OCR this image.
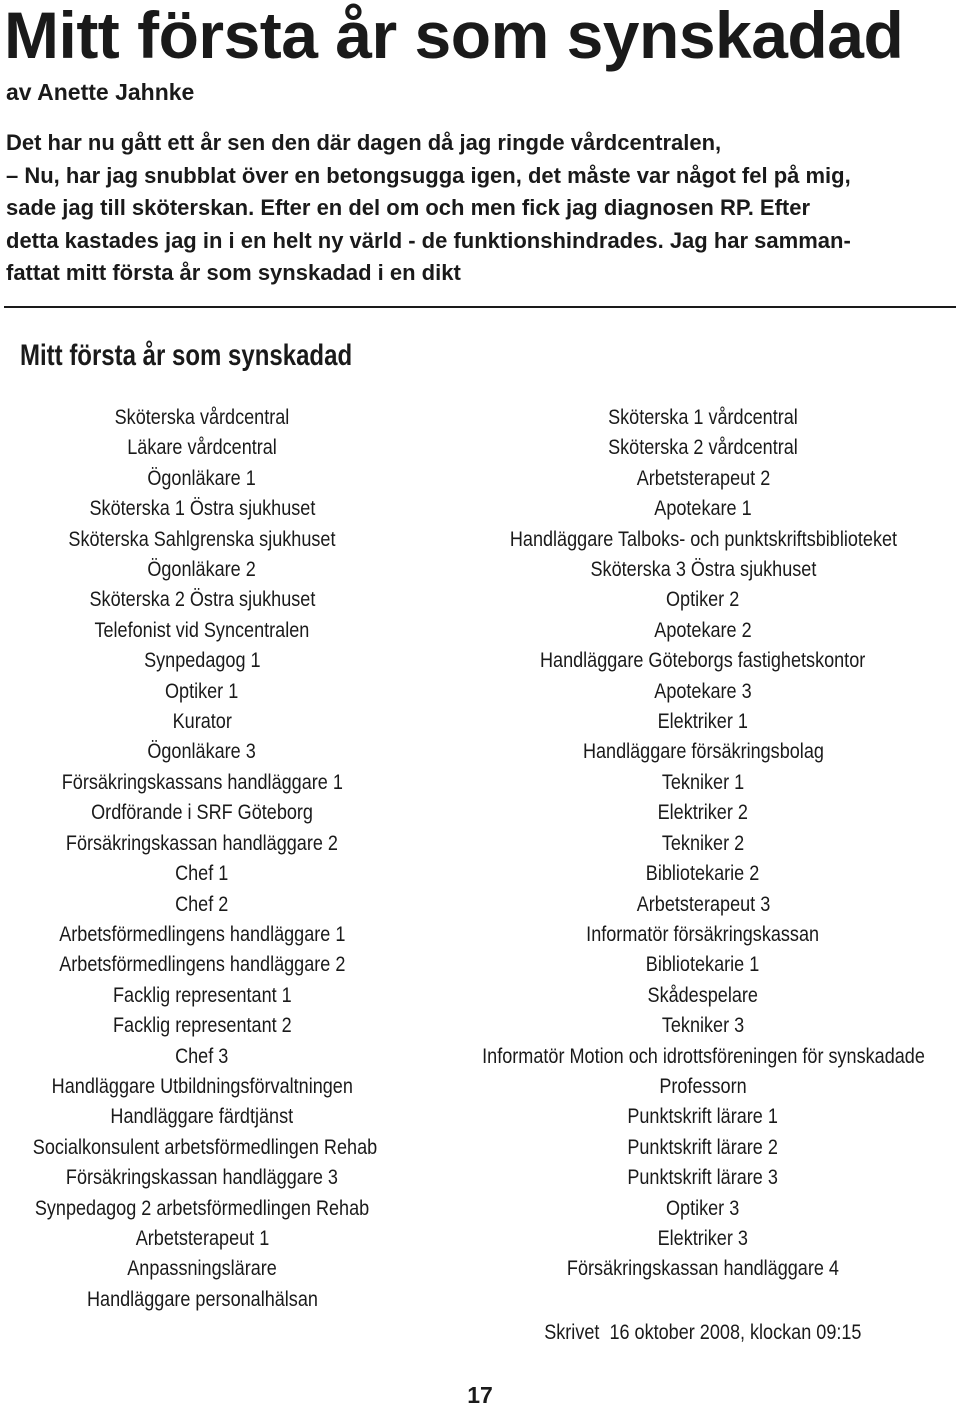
Mitt första år som synskadad
av Anette Jahnke

Det har nu gått ett år sen den där dagen då jag ringde vårdcentralen,
– Nu, har jag snubblat över en betongsugga igen, det måste var något fel på mig,
sade jag till sköterskan. Efter en del om och men fick jag diagnosen RP. Efter
detta kastades jag in i en helt ny värld - de funktionshindrades. Jag har samman-
fattat mitt första år som synskadad i en dikt

Mitt första år som synskadad
Sköterska vårdcentral
Läkare vårdcentral
Ögonläkare 1
Sköterska 1 Östra sjukhuset
Sköterska Sahlgrenska sjukhuset
Ögonläkare 2
Sköterska 2 Östra sjukhuset
Telefonist vid Syncentralen
Synpedagog 1
Optiker 1
Kurator
Ögonläkare 3
Försäkringskassans handläggare 1
Ordförande i SRF Göteborg
Försäkringskassan handläggare 2
Chef 1
Chef 2
Arbetsförmedlingens handläggare 1
Arbetsförmedlingens handläggare 2
Facklig representant 1
Facklig representant 2
Chef 3
Handläggare Utbildningsförvaltningen
Handläggare färdtjänst
Socialkonsulent arbetsförmedlingen Rehab
Försäkringskassan handläggare 3
Synpedagog 2 arbetsförmedlingen Rehab
Arbetsterapeut 1
Anpassningslärare
Handläggare personalhälsan
Sköterska 1 vårdcentral
Sköterska 2 vårdcentral
Arbetsterapeut 2
Apotekare 1
Handläggare Talboks- och punktskriftsbiblioteket
Sköterska 3 Östra sjukhuset
Optiker 2
Apotekare 2
Handläggare Göteborgs fastighetskontor
Apotekare 3
Elektriker 1
Handläggare försäkringsbolag
Tekniker 1
Elektriker 2
Tekniker 2
Bibliotekarie 2
Arbetsterapeut 3
Informatör försäkringskassan
Bibliotekarie 1
Skådespelare
Tekniker 3
Informatör Motion och idrottsföreningen för synskadade
Professorn
Punktskrift lärare 1
Punktskrift lärare 2
Punktskrift lärare 3
Optiker 3
Elektriker 3
Försäkringskassan handläggare 4
Skrivet  16 oktober 2008, klockan 09:15
17
